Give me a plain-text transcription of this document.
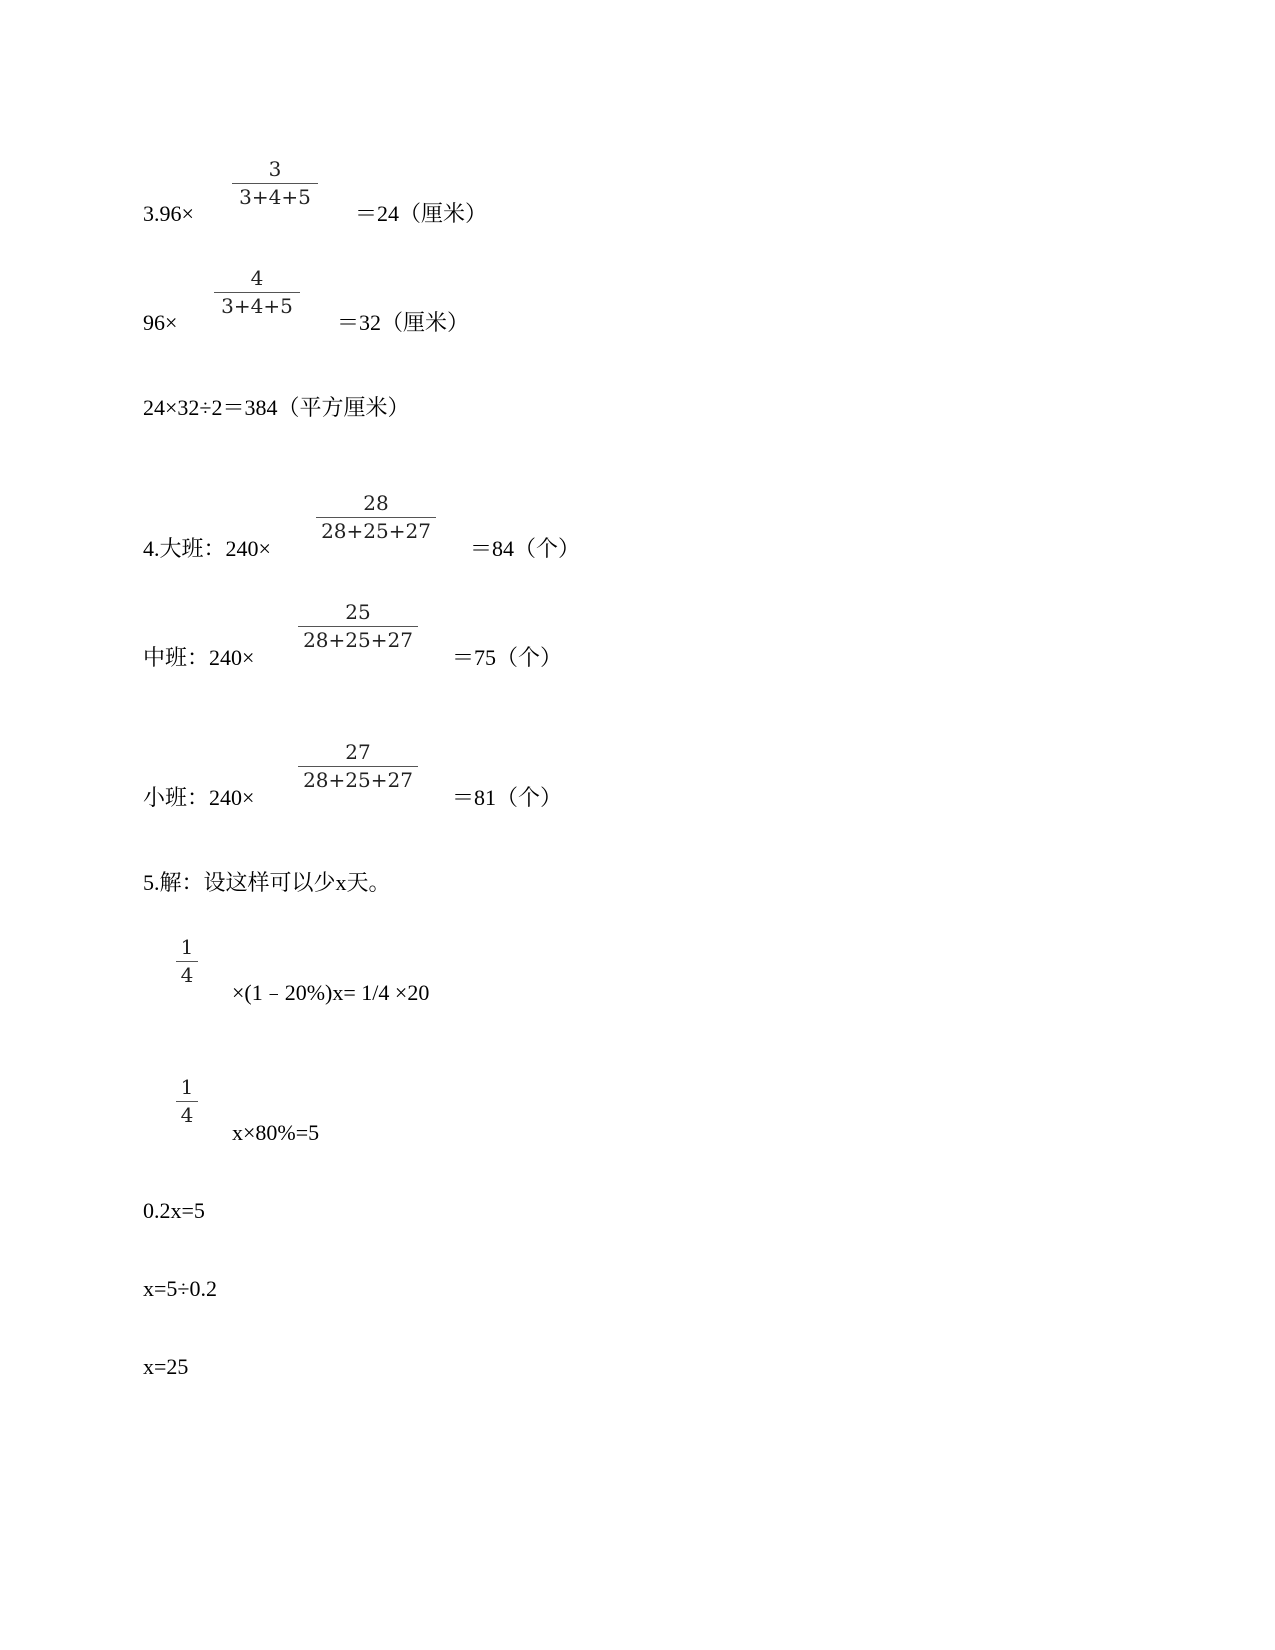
3.96×
3
3+4+5
＝24（厘米）
96×
4
3+4+5
＝32（厘米）
24×32÷2＝384（平方厘米）
4.大班：240×
28
28+25+27
＝84（个）
中班：240×
25
28+25+27
＝75（个）
小班：240×
27
28+25+27
＝81（个）
5.解：设这样可以少x天。
1
4
×(1﹣20%)x= 1/4 ×20
1
4
x×80%=5
0.2x=5
x=5÷0.2
x=25
